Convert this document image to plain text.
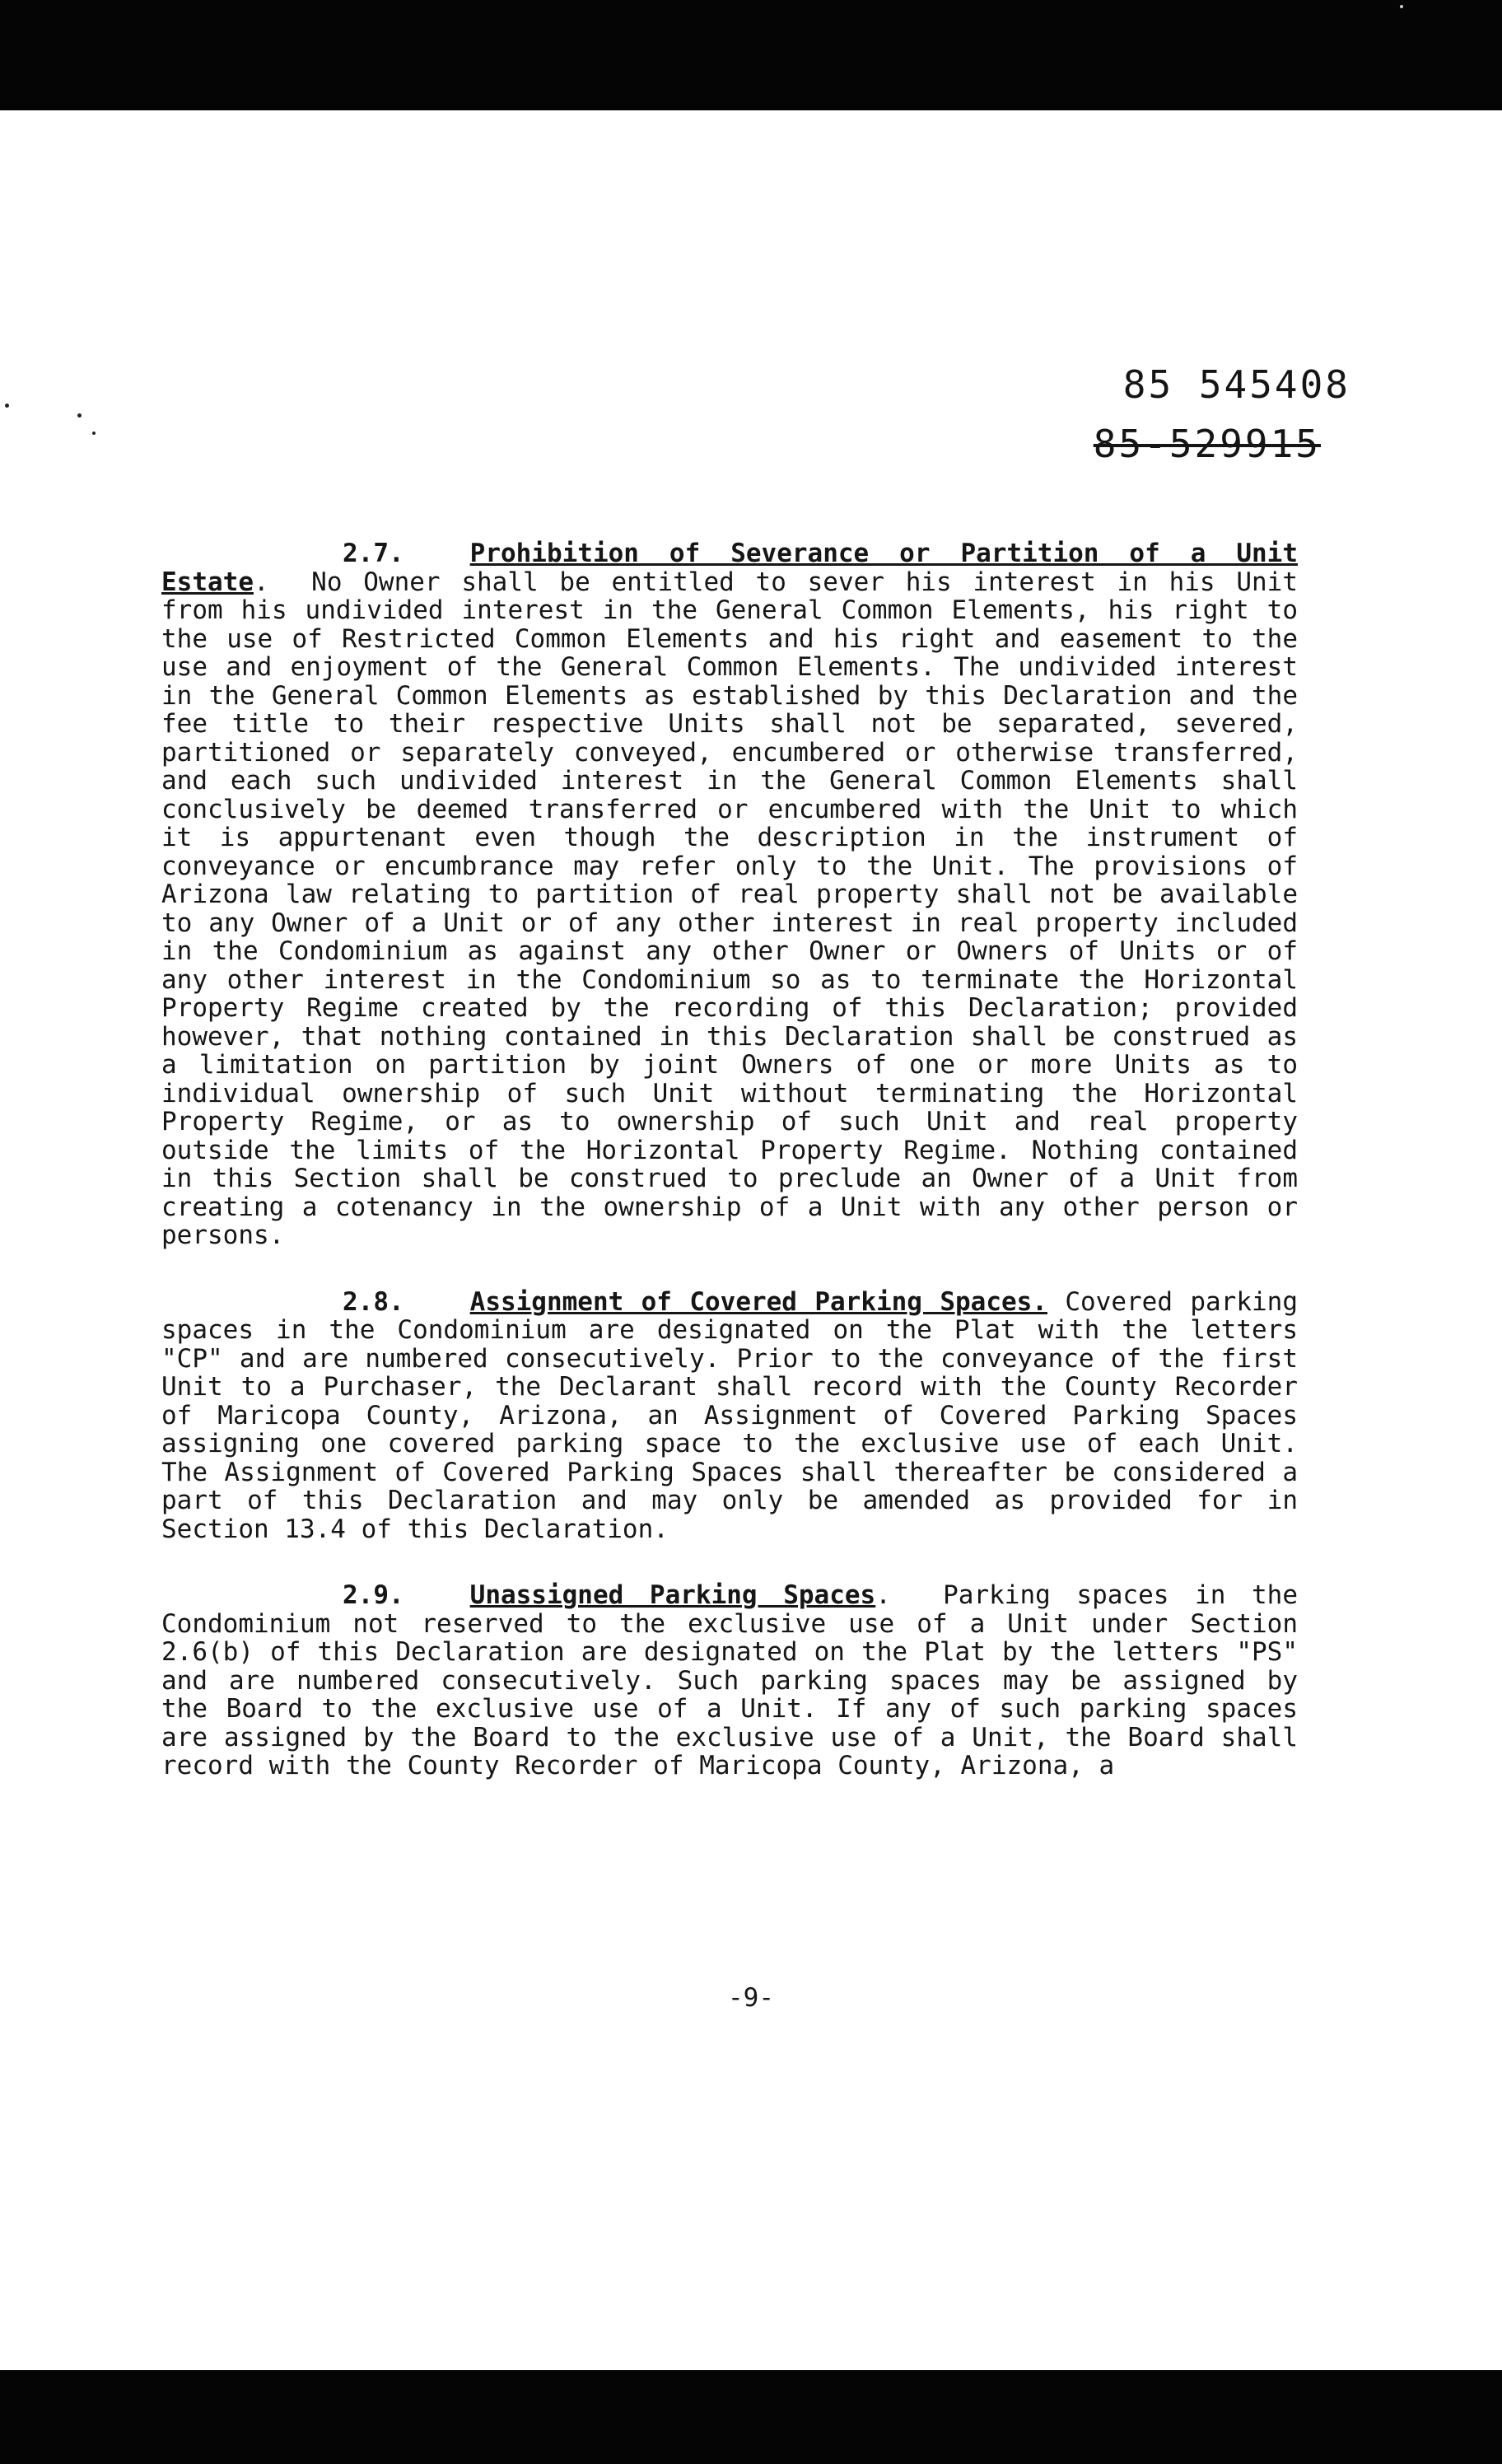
85 545408
85-529915

2.7.	Prohibition of Severance or Partition of a Unit Estate.  No Owner shall be entitled to sever his interest in his Unit from his undivided interest in the General Common Elements, his right to the use of Restricted Common Elements and his right and easement to the use and enjoyment of the General Common Elements. The undivided interest in the General Common Elements as established by this Declaration and the fee title to their respective Units shall not be separated, severed, partitioned or separately conveyed, encumbered or otherwise transferred, and each such undivided interest in the General Common Elements shall conclusively be deemed transferred or encumbered with the Unit to which it is appurtenant even though the description in the instrument of conveyance or encumbrance may refer only to the Unit. The provisions of Arizona law relating to partition of real property shall not be available to any Owner of a Unit or of any other interest in real property included in the Condominium as against any other Owner or Owners of Units or of any other interest in the Condominium so as to terminate the Horizontal Property Regime created by the recording of this Declaration; provided however, that nothing contained in this Declaration shall be construed as a limitation on partition by joint Owners of one or more Units as to individual ownership of such Unit without terminating the Horizontal Property Regime, or as to ownership of such Unit and real property outside the limits of the Horizontal Property Regime. Nothing contained in this Section shall be construed to preclude an Owner of a Unit from creating a cotenancy in the ownership of a Unit with any other person or persons.

2.8.	Assignment of Covered Parking Spaces. Covered parking spaces in the Condominium are designated on the Plat with the letters "CP" and are numbered consecutively. Prior to the conveyance of the first Unit to a Purchaser, the Declarant shall record with the County Recorder of Maricopa County, Arizona, an Assignment of Covered Parking Spaces assigning one covered parking space to the exclusive use of each Unit. The Assignment of Covered Parking Spaces shall thereafter be considered a part of this Declaration and may only be amended as provided for in Section 13.4 of this Declaration.

2.9.	Unassigned Parking Spaces.  Parking spaces in the Condominium not reserved to the exclusive use of a Unit under Section 2.6(b) of this Declaration are designated on the Plat by the letters "PS" and are numbered consecutively. Such parking spaces may be assigned by the Board to the exclusive use of a Unit. If any of such parking spaces are assigned by the Board to the exclusive use of a Unit, the Board shall record with the County Recorder of Maricopa County, Arizona, a

-9-
